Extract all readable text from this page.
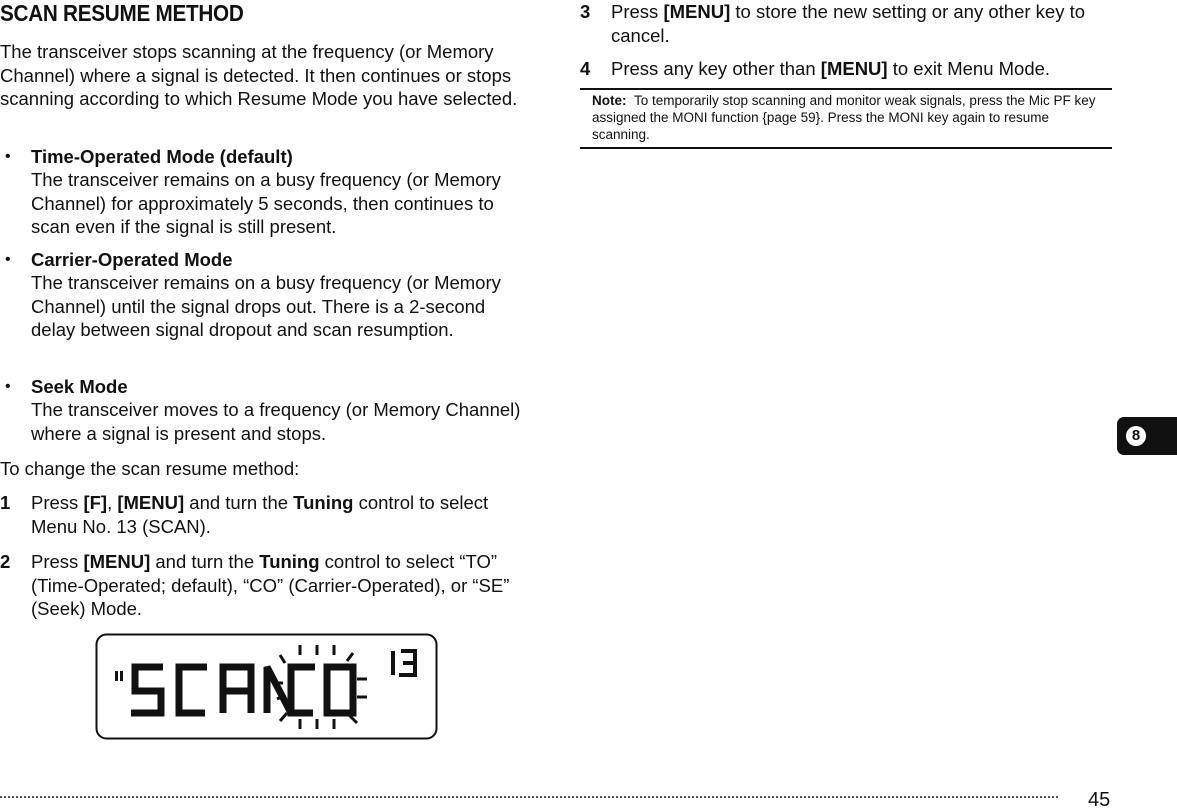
SCAN RESUME METHOD
The transceiver stops scanning at the frequency (or Memory Channel) where a signal is detected. It then continues or stops scanning according to which Resume Mode you have selected.
• Time-Operated Mode (default)
The transceiver remains on a busy frequency (or Memory Channel) for approximately 5 seconds, then continues to scan even if the signal is still present.
• Carrier-Operated Mode
The transceiver remains on a busy frequency (or Memory Channel) until the signal drops out. There is a 2-second delay between signal dropout and scan resumption.
• Seek Mode
The transceiver moves to a frequency (or Memory Channel) where a signal is present and stops.
To change the scan resume method:
1 Press [F], [MENU] and turn the Tuning control to select Menu No. 13 (SCAN).
2 Press [MENU] and turn the Tuning control to select “TO” (Time-Operated; default), “CO” (Carrier-Operated), or “SE” (Seek) Mode.
3 Press [MENU] to store the new setting or any other key to cancel.
4 Press any key other than [MENU] to exit Menu Mode.
Note: To temporarily stop scanning and monitor weak signals, press the Mic PF key assigned the MONI function {page 59}. Press the MONI key again to resume scanning.
8
45
